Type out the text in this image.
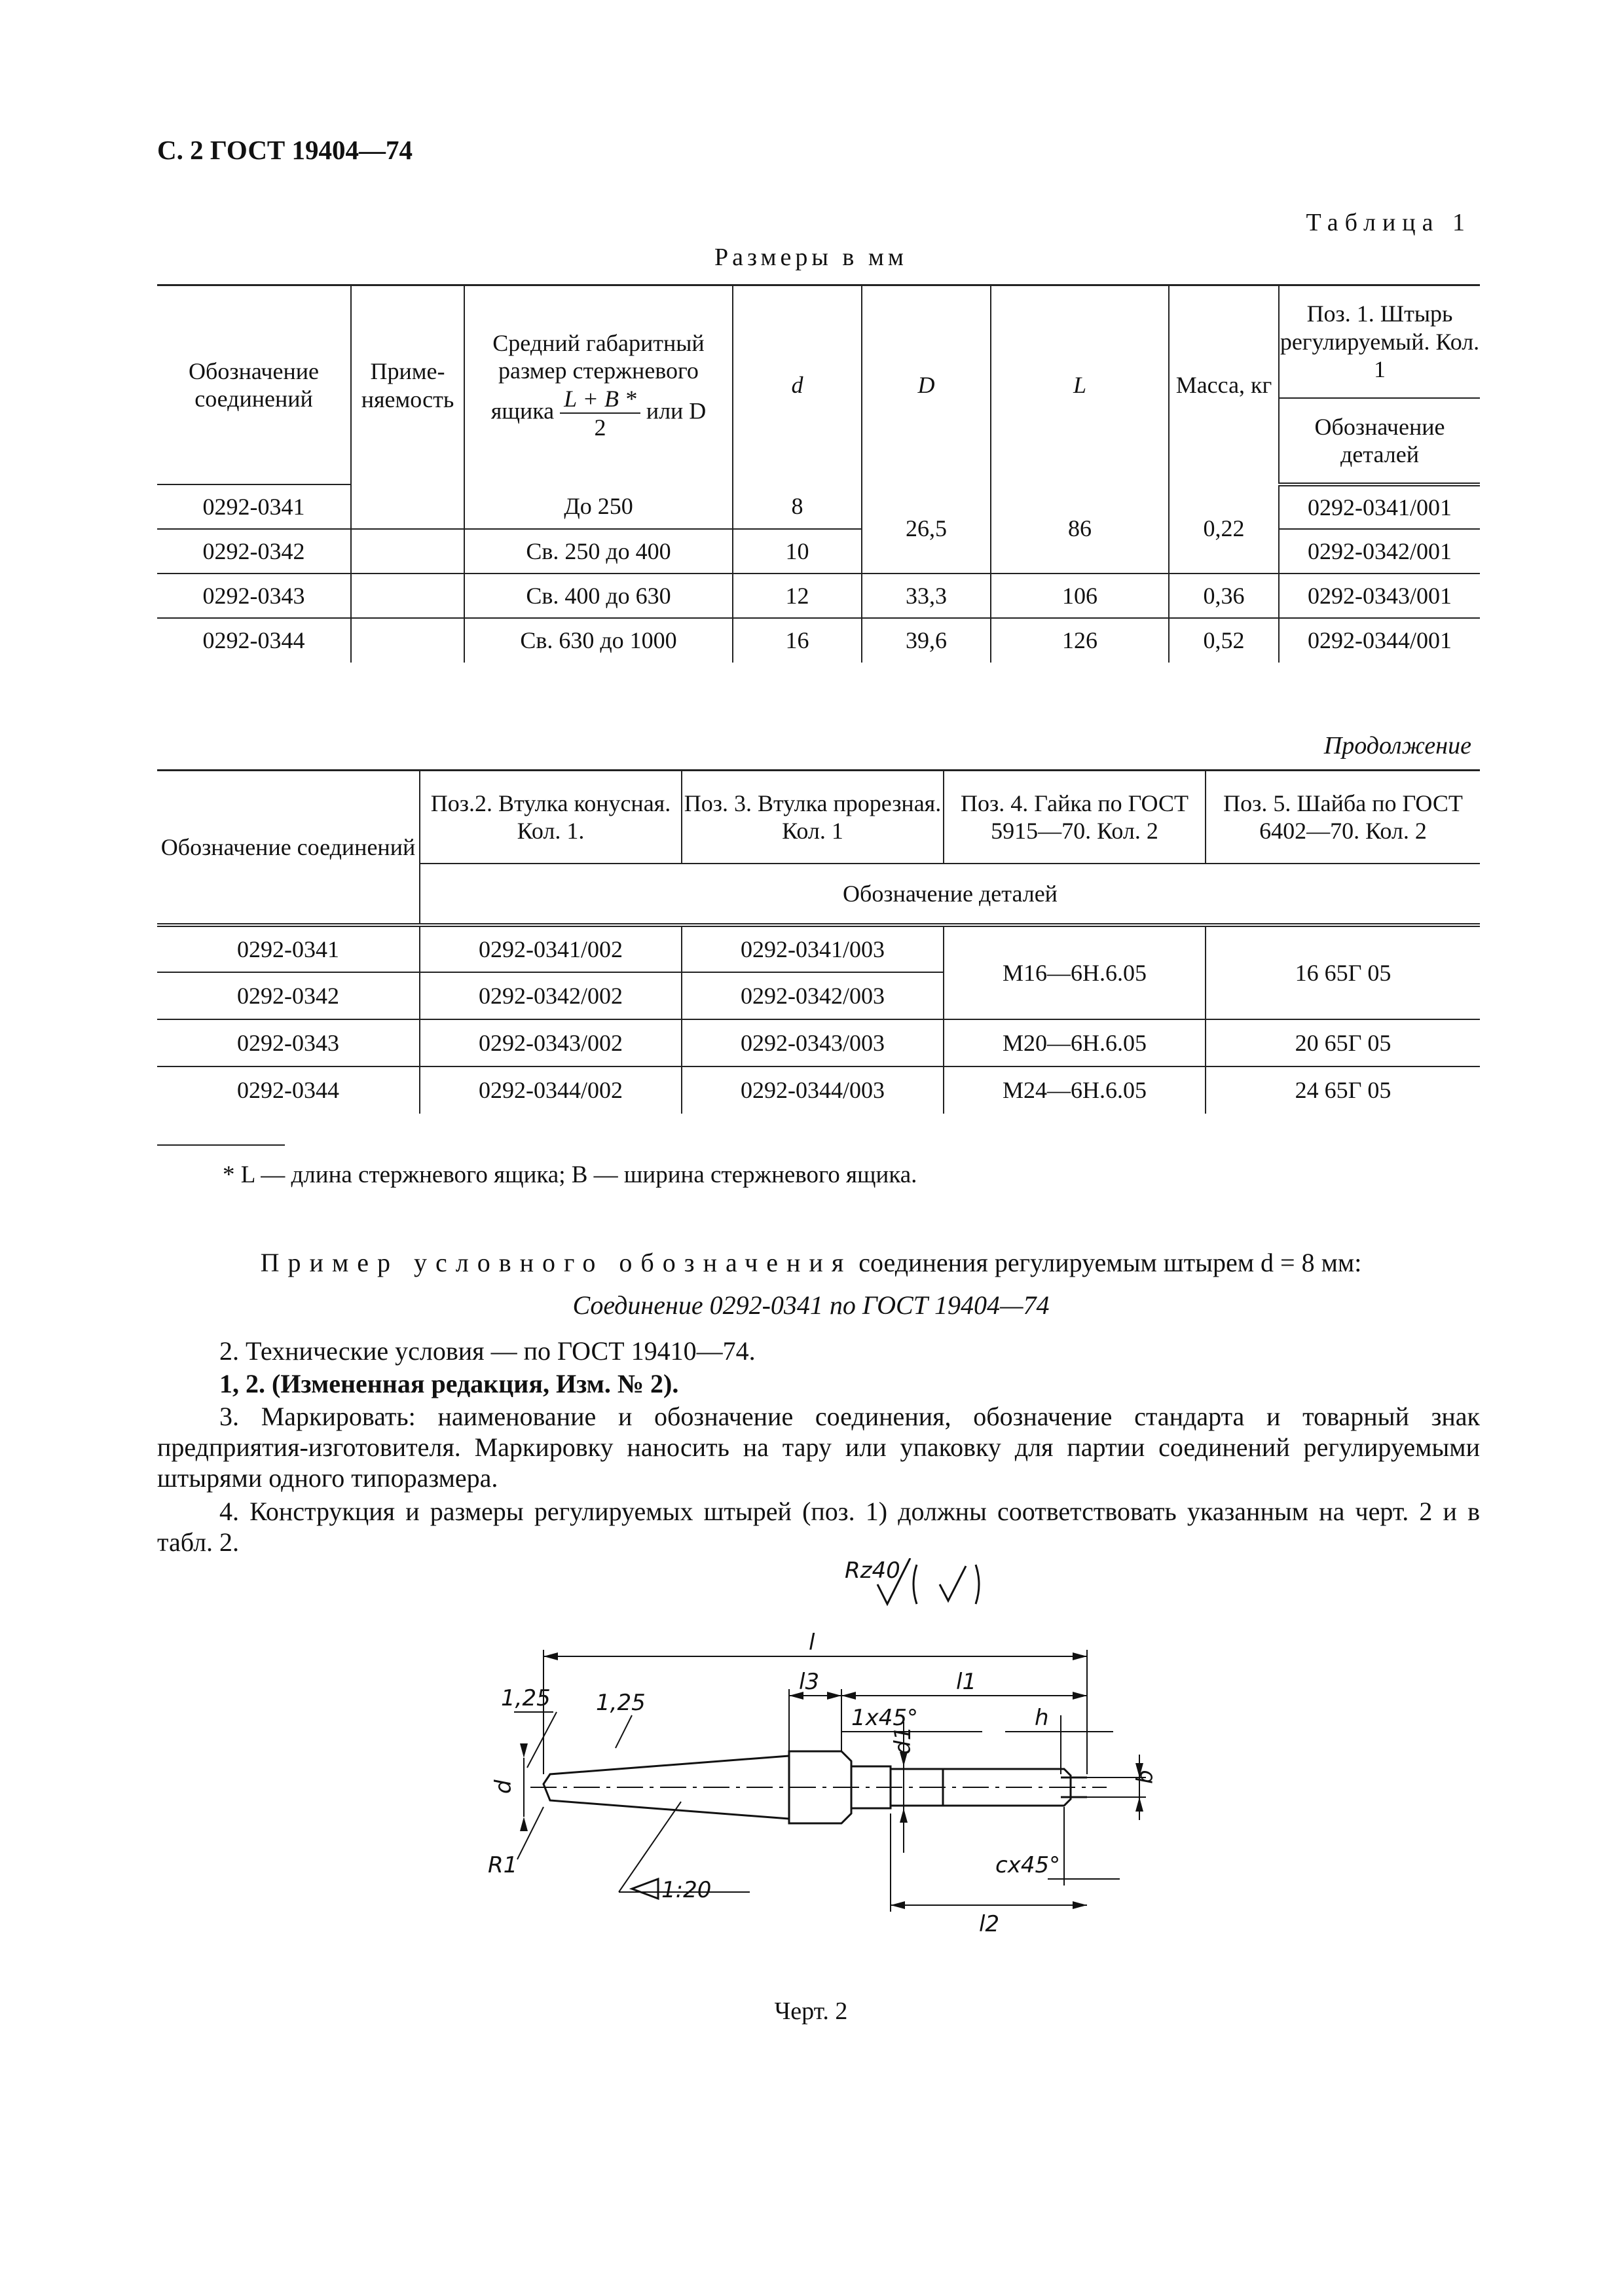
С. 2 ГОСТ 19404—74
Таблица 1
Размеры в мм
Обозначение соединений	Приме-няемость	Средний габаритный размер стержневого ящика $\frac{L + B *}{2}$ или D	d	D	L	Масса, кг	Поз. 1. Штырь регулируемый. Кол. 1
							Обозначение деталей
0292-0341		До 250	8	26,5	86	0,22	0292-0341/001
0292-0342		Св. 250 до 400	10				0292-0342/001
0292-0343		Св. 400 до 630	12	33,3	106	0,36	0292-0343/001
0292-0344		Св. 630 до 1000	16	39,6	126	0,52	0292-0344/001
Продолжение
Обозначение соединений	Поз.2. Втулка конусная. Кол. 1.	Поз. 3. Втулка прорезная. Кол. 1	Поз. 4. Гайка по ГОСТ 5915—70. Кол. 2	Поз. 5. Шайба по ГОСТ 6402—70. Кол. 2
	Обозначение деталей			
0292-0341	0292-0341/002	0292-0341/003	М16—6Н.6.05	16 65Г 05
0292-0342	0292-0342/002	0292-0342/003		
0292-0343	0292-0343/002	0292-0343/003	М20—6Н.6.05	20 65Г 05
0292-0344	0292-0344/002	0292-0344/003	М24—6Н.6.05	24 65Г 05
* L — длина стержневого ящика; B — ширина стержневого ящика.
Пример условного обозначения соединения регулируемым штырем d = 8 мм:
Соединение 0292-0341 по ГОСТ 19404—74
2. Технические условия — по ГОСТ 19410—74.
1, 2. (Измененная редакция, Изм. № 2).
3. Маркировать: наименование и обозначение соединения, обозначение стандарта и товарный знак предприятия-изготовителя. Маркировку наносить на тару или упаковку для партии соединений регулируемыми штырями одного типоразмера.
4. Конструкция и размеры регулируемых штырей (поз. 1) должны соответствовать указанным на черт. 2 и в табл. 2.
Rz40
l
l3	l1
1x45°	h
d1
b
d
1,25 1,25
R1
1:20
cx45°
l2
Черт. 2
